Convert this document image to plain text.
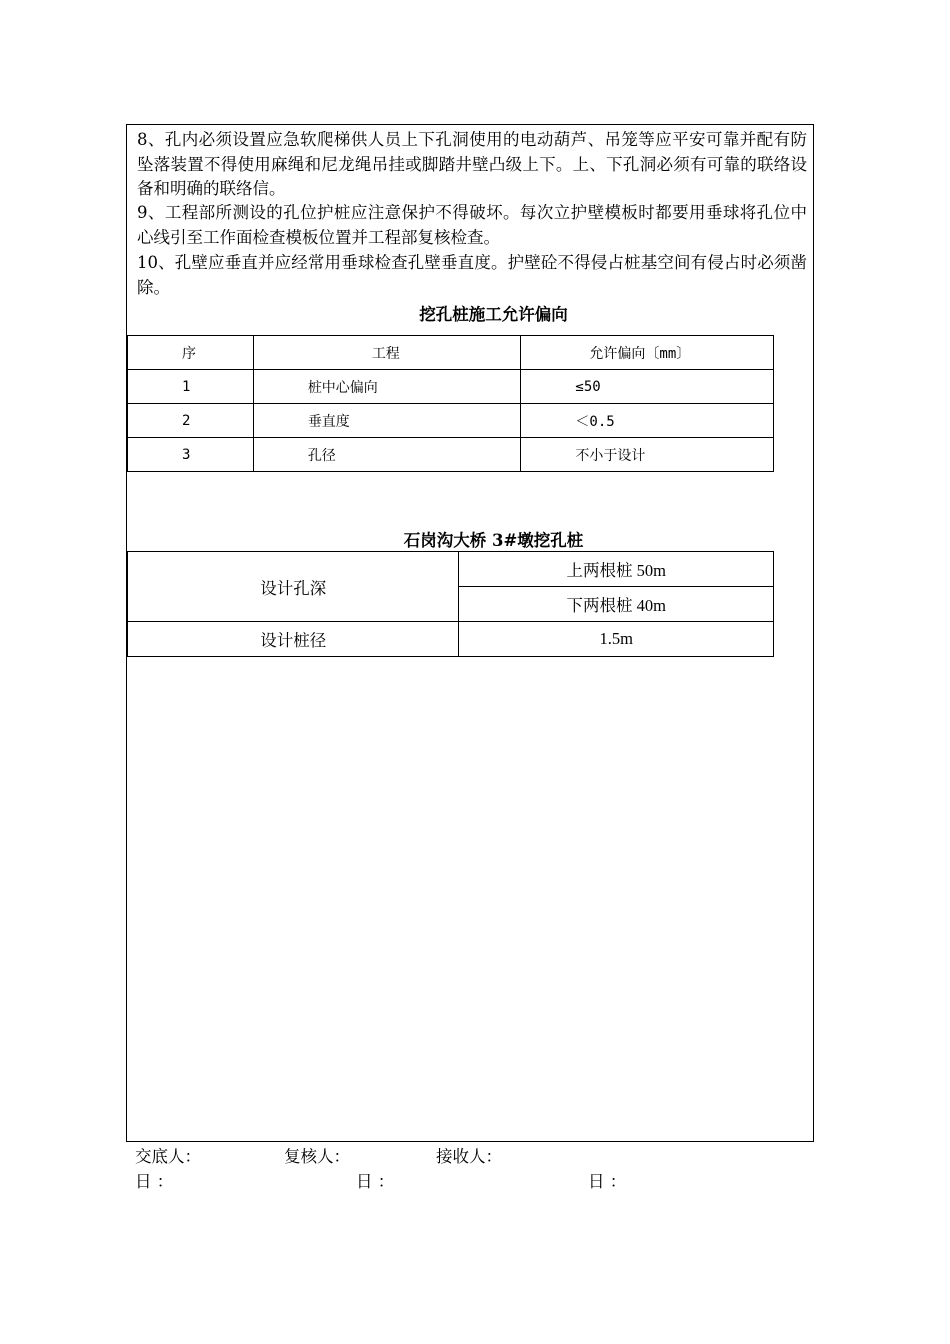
8、孔内必须设置应急软爬梯供人员上下孔洞使用的电动葫芦、吊笼等应平安可靠并配有防坠落装置不得使用麻绳和尼龙绳吊挂或脚踏井壁凸级上下。上、下孔洞必须有可靠的联络设备和明确的联络信。

9、工程部所测设的孔位护桩应注意保护不得破坏。每次立护壁模板时都要用垂球将孔位中心线引至工作面检查模板位置并工程部复核检查。

10、孔壁应垂直并应经常用垂球检查孔壁垂直度。护壁砼不得侵占桩基空间有侵占时必须凿除。

挖孔桩施工允许偏向
序	工程	允许偏向〔mm〕
1	桩中心偏向	≤50
2	垂直度	＜0.5
3	孔径	不小于设计
石岗沟大桥 3#墩挖孔桩
设计孔深	上两根桩 50m
	下两根桩 40m
设计桩径	1.5m
交底人：	复核人：	接收人：
日 ：	日 ：	日 ：
